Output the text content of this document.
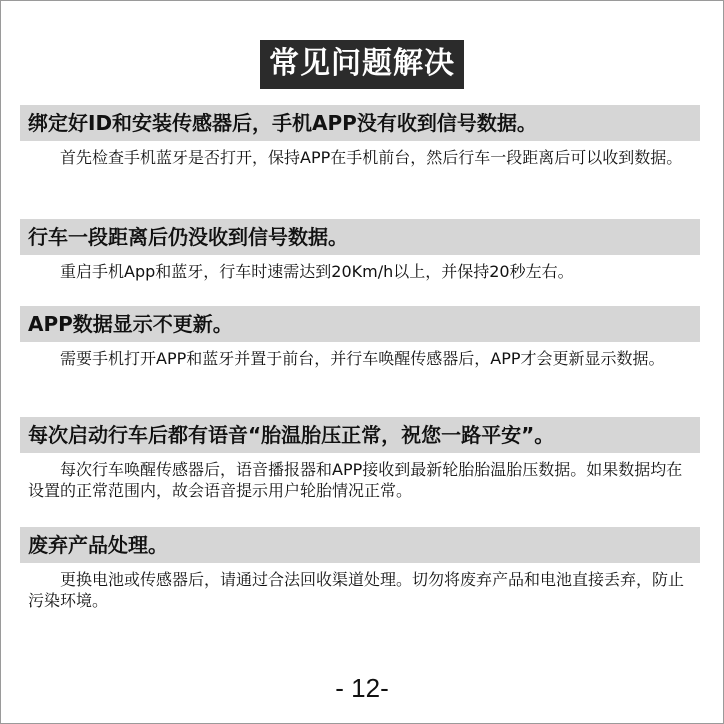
常见问题解决
绑定好ID和安装传感器后，手机APP没有收到信号数据。
首先检查手机蓝牙是否打开，保持APP在手机前台，然后行车一段距离后可以收到数据。
行车一段距离后仍没收到信号数据。
重启手机App和蓝牙，行车时速需达到20Km/h以上，并保持20秒左右。
APP数据显示不更新。
需要手机打开APP和蓝牙并置于前台，并行车唤醒传感器后，APP才会更新显示数据。
每次启动行车后都有语音“胎温胎压正常，祝您一路平安”。
每次行车唤醒传感器后，语音播报器和APP接收到最新轮胎胎温胎压数据。如果数据均在设置的正常范围内，故会语音提示用户轮胎情况正常。
废弃产品处理。
更换电池或传感器后，请通过合法回收渠道处理。切勿将废弃产品和电池直接丢弃，防止污染环境。
- 12-
